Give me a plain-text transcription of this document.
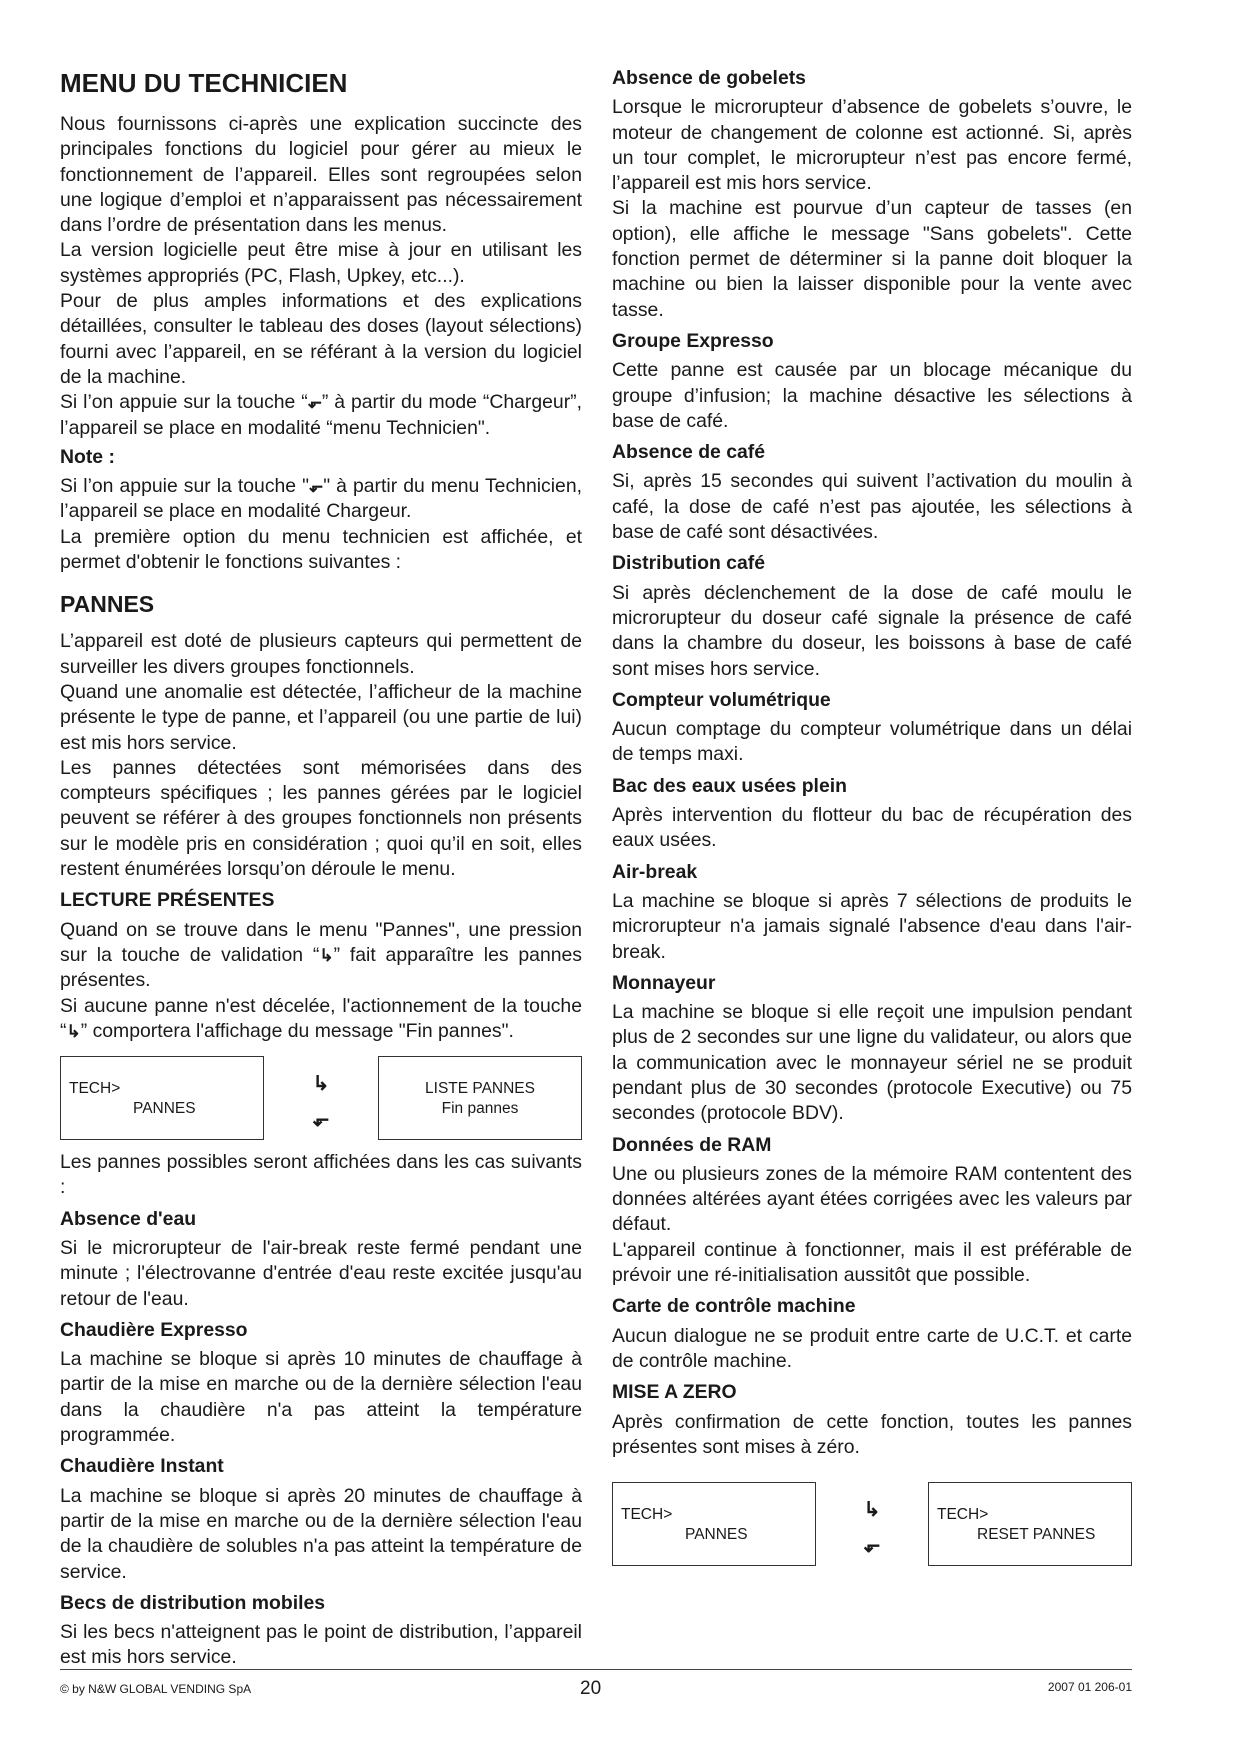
MENU DU TECHNICIEN

Nous fournissons ci-après une explication succincte des principales fonctions du logiciel pour gérer au mieux le fonctionnement de l’appareil. Elles sont regroupées selon une logique d’emploi et n’apparaissent pas nécessairement dans l’ordre de présentation dans les menus.

La version logicielle peut être mise à jour en utilisant les systèmes appropriés (PC, Flash, Upkey, etc...).

Pour de plus amples informations et des explications détaillées, consulter le tableau des doses (layout sélections) fourni avec l’appareil, en se référant à la version du logiciel de la machine.

Si l’on appuie sur la touche “⬐” à partir du mode “Chargeur”, l’appareil se place en modalité “menu Technicien".

Note :

Si l’on appuie sur la touche "⬐" à partir du menu Technicien, l’appareil se place en modalité Chargeur.

La première option du menu technicien est affichée, et permet d'obtenir le fonctions suivantes :

PANNES

L’appareil est doté de plusieurs capteurs qui permettent de surveiller les divers groupes fonctionnels.

Quand une anomalie est détectée, l’afficheur de la machine présente le type de panne, et l’appareil (ou une partie de lui) est mis hors service.

Les pannes détectées sont mémorisées dans des compteurs spécifiques ; les pannes gérées par le logiciel peuvent se référer à des groupes fonctionnels non présents sur le modèle pris en considération ; quoi qu’il en soit, elles restent énumérées lorsqu’on déroule le menu.

LECTURE PRÉSENTES

Quand on se trouve dans le menu "Pannes", une pression sur la touche de validation “↳” fait apparaître les pannes présentes.

Si aucune panne n'est décelée, l'actionnement de la touche “↳” comportera l'affichage du message "Fin pannes".

TECH>
PANNES
↳
⬐
LISTE PANNES
Fin pannes

Les pannes possibles seront affichées dans les cas suivants :

Absence d'eau

Si le microrupteur de l'air-break reste fermé pendant une minute ; l'électrovanne d'entrée d'eau reste excitée jusqu'au retour de l'eau.

Chaudière Expresso

La machine se bloque si après 10 minutes de chauffage à partir de la mise en marche ou de la dernière sélection l'eau dans la chaudière n'a pas atteint la température programmée.

Chaudière Instant

La machine se bloque si après 20 minutes de chauffage à partir de la mise en marche ou de la dernière sélection l'eau de la chaudière de solubles n'a pas atteint la température de service.

Becs de distribution mobiles

Si les becs n'atteignent pas le point de distribution, l’appareil est mis hors service.

Absence de gobelets

Lorsque le microrupteur d’absence de gobelets s’ouvre, le moteur de changement de colonne est actionné. Si, après un tour complet, le microrupteur n’est pas encore fermé, l’appareil est mis hors service.

Si la machine est pourvue d’un capteur de tasses (en option), elle affiche le message "Sans gobelets". Cette fonction permet de déterminer si la panne doit bloquer la machine ou bien la laisser disponible pour la vente avec tasse.

Groupe Expresso

Cette panne est causée par un blocage mécanique du groupe d’infusion; la machine désactive les sélections à base de café.

Absence de café

Si, après 15 secondes qui suivent l’activation du moulin à café, la dose de café n’est pas ajoutée, les sélections à base de café sont désactivées.

Distribution café

Si après déclenchement de la dose de café moulu le microrupteur du doseur café signale la présence de café dans la chambre du doseur, les boissons à base de café sont mises hors service.

Compteur volumétrique

Aucun comptage du compteur volumétrique dans un délai de temps maxi.

Bac des eaux usées plein

Après intervention du flotteur du bac de récupération des eaux usées.

Air-break

La machine se bloque si après 7 sélections de produits le microrupteur n'a jamais signalé l'absence d'eau dans l'air-break.

Monnayeur

La machine se bloque si elle reçoit une impulsion pendant plus de 2 secondes sur une ligne du validateur, ou alors que la communication avec le monnayeur sériel ne se produit pendant plus de 30 secondes (protocole Executive) ou 75 secondes (protocole BDV).

Données de RAM

Une ou plusieurs zones de la mémoire RAM contentent des données altérées ayant étées corrigées avec les valeurs par défaut.

L'appareil continue à fonctionner, mais il est préférable de prévoir une ré-initialisation aussitôt que possible.

Carte de contrôle machine

Aucun dialogue ne se produit entre carte de U.C.T. et carte de contrôle machine.

MISE A ZERO

Après confirmation de cette fonction, toutes les pannes présentes sont mises à zéro.

TECH>
PANNES
↳
⬐
TECH>
RESET PANNES
© by N&W GLOBAL VENDING SpA	20	2007 01 206-01
